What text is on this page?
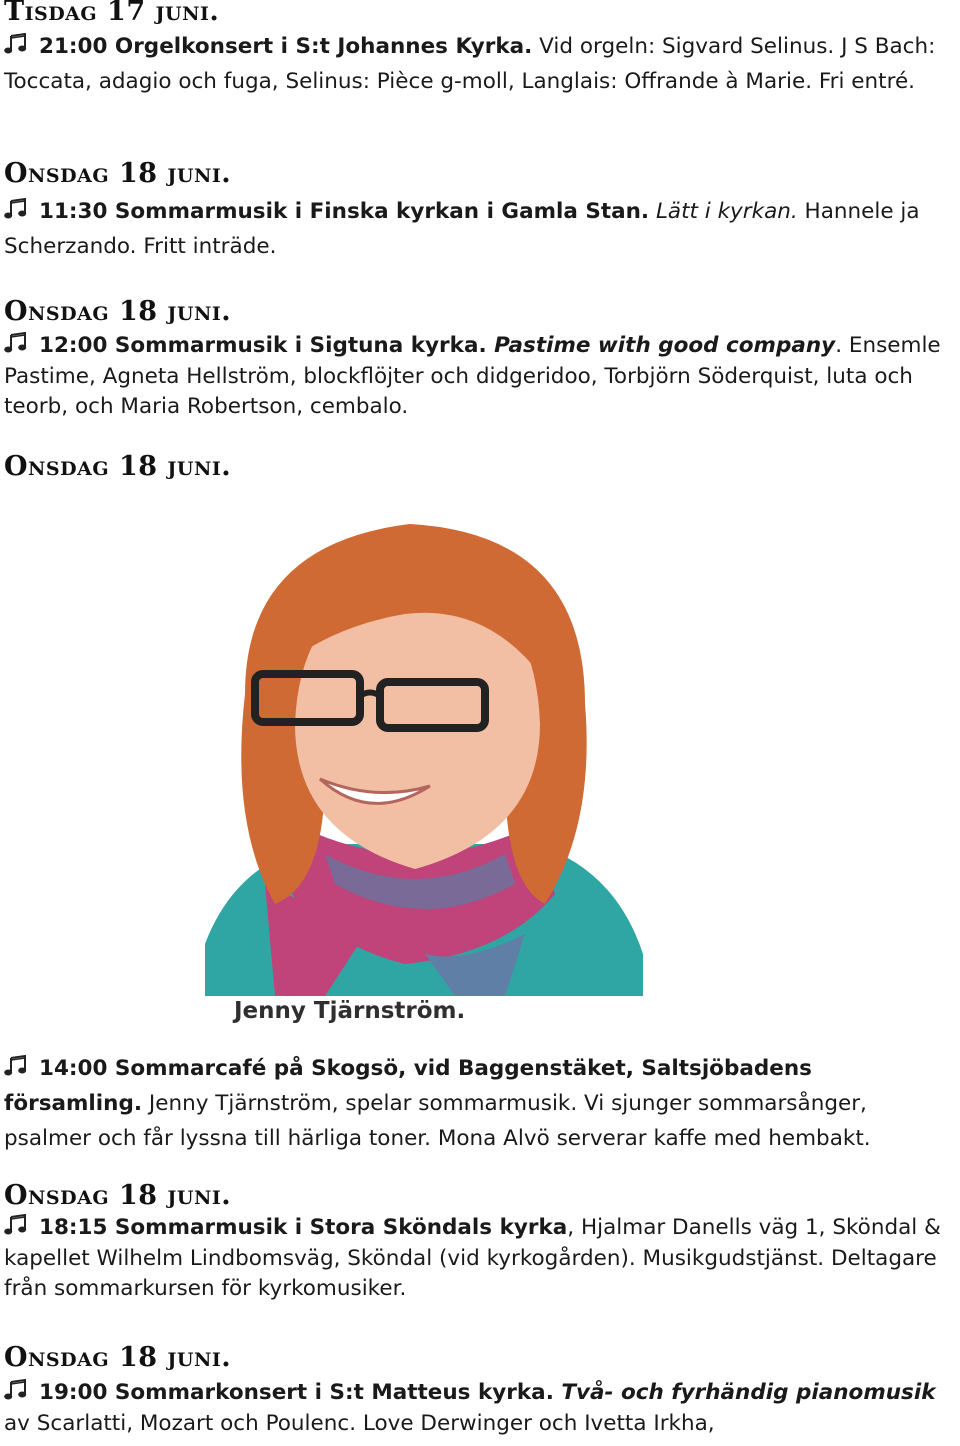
Tisdag 17 juni.

21:00 Orgelkonsert i S:t Johannes Kyrka. Vid orgeln: Sigvard Selinus. J S Bach: Toccata, adagio och fuga, Selinus: Pièce g-moll, Langlais: Offrande à Marie. Fri entré.

Onsdag 18 juni.

11:30 Sommarmusik i Finska kyrkan i Gamla Stan. Lätt i kyrkan. Hannele ja Scherzando. Fritt inträde.

Onsdag 18 juni.

12:00 Sommarmusik i Sigtuna kyrka. Pastime with good company. Ensemle Pastime, Agneta Hellström, blockflöjter och didgeridoo, Torbjörn Söderquist, luta och teorb, och Maria Robertson, cembalo.

Onsdag 18 juni.

Jenny Tjärnström.

14:00 Sommarcafé på Skogsö, vid Baggenstäket, Saltsjöbadens församling. Jenny Tjärnström, spelar sommarmusik. Vi sjunger sommarsånger, psalmer och får lyssna till härliga toner. Mona Alvö serverar kaffe med hembakt.

Onsdag 18 juni.

18:15 Sommarmusik i Stora Sköndals kyrka, Hjalmar Danells väg 1, Sköndal & kapellet Wilhelm Lindbomsväg, Sköndal (vid kyrkogården). Musikgudstjänst. Deltagare från sommarkursen för kyrkomusiker.

Onsdag 18 juni.

19:00 Sommarkonsert i S:t Matteus kyrka. Två- och fyrhändig pianomusik av Scarlatti, Mozart och Poulenc. Love Derwinger och Ivetta Irkha,
